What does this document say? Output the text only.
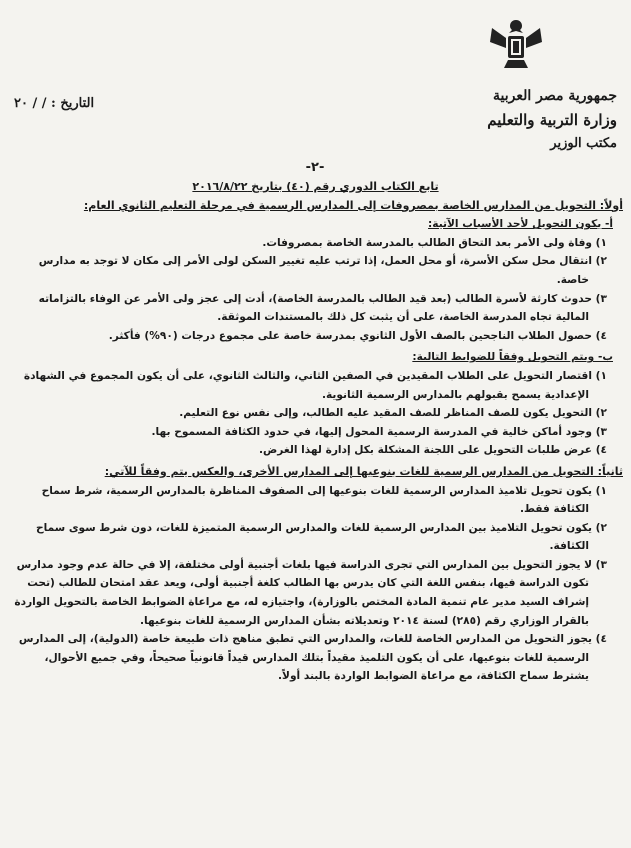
التاريخ : / / ٢٠	جمهورية مصر العربية
وزارة التربية والتعليم
مكتب الوزير
-٢-

تابع الكتاب الدوري رقم (٤٠) بتاريخ ٢٠١٦/٨/٢٢

أولاً: التحويل من المدارس الخاصة بمصروفات إلى المدارس الرسمية في مرحلة التعليم الثانوي العام:

أ- يكون التحويل لأحد الأسباب الآتية:

١) وفاة ولى الأمر بعد التحاق الطالب بالمدرسة الخاصة بمصروفات.

٢) انتقال محل سكن الأسرة، أو محل العمل، إذا ترتب عليه تغيير السكن لولى الأمر إلى مكان لا توجد به مدارس خاصة.

٣) حدوث كارثة لأسرة الطالب (بعد قيد الطالب بالمدرسة الخاصة)، أدت إلى عجز ولى الأمر عن الوفاء بالتزاماته المالية تجاه المدرسة الخاصة، على أن يثبت كل ذلك بالمستندات الموثقة.

٤) حصول الطلاب الناجحين بالصف الأول الثانوي بمدرسة خاصة على مجموع درجات (٩٠%) فأكثر.

ب- ويتم التحويل وفقاً للضوابط التالية:

١) اقتصار التحويل على الطلاب المقيدين في الصفين الثاني، والثالث الثانوي، على أن يكون المجموع في الشهادة الإعدادية يسمح بقبولهم بالمدارس الرسمية الثانوية.

٢) التحويل يكون للصف المناظر للصف المقيد عليه الطالب، وإلى نفس نوع التعليم.

٣) وجود أماكن خالية في المدرسة الرسمية المحول إليها، في حدود الكثافة المسموح بها.

٤) عرض طلبات التحويل على اللجنة المشكلة بكل إدارة لهذا الغرض.

ثانياً: التحويل من المدارس الرسمية للغات بنوعيها إلى المدارس الأخرى، والعكس يتم وفقاً للآتي:

١) يكون تحويل تلاميذ المدارس الرسمية للغات بنوعيها إلى الصفوف المناظرة بالمدارس الرسمية، شرط سماح الكثافة فقط.

٢) يكون تحويل التلاميذ بين المدارس الرسمية للغات والمدارس الرسمية المتميزة للغات، دون شرط سوى سماح الكثافة.

٣) لا يجوز التحويل بين المدارس التي تجرى الدراسة فيها بلغات أجنبية أولى مختلفة، إلا في حالة عدم وجود مدارس تكون الدراسة فيها، بنفس اللغة التي كان يدرس بها الطالب كلغة أجنبية أولى، ويعد عقد امتحان للطالب (تحت إشراف السيد مدير عام تنمية المادة المختص بالوزارة)، واجتيازه له، مع مراعاة الضوابط الخاصة بالتحويل الواردة بالقرار الوزاري رقم (٢٨٥) لسنة ٢٠١٤ وتعديلاته بشأن المدارس الرسمية للغات بنوعيها.

٤) يجوز التحويل من المدارس الخاصة للغات، والمدارس التي تطبق مناهج ذات طبيعة خاصة (الدولية)، إلى المدارس الرسمية للغات بنوعيها، على أن يكون التلميذ مقيداً بتلك المدارس قيداً قانونياً صحيحاً، وفي جميع الأحوال، يشترط سماح الكثافة، مع مراعاة الضوابط الواردة بالبند أولاً.
